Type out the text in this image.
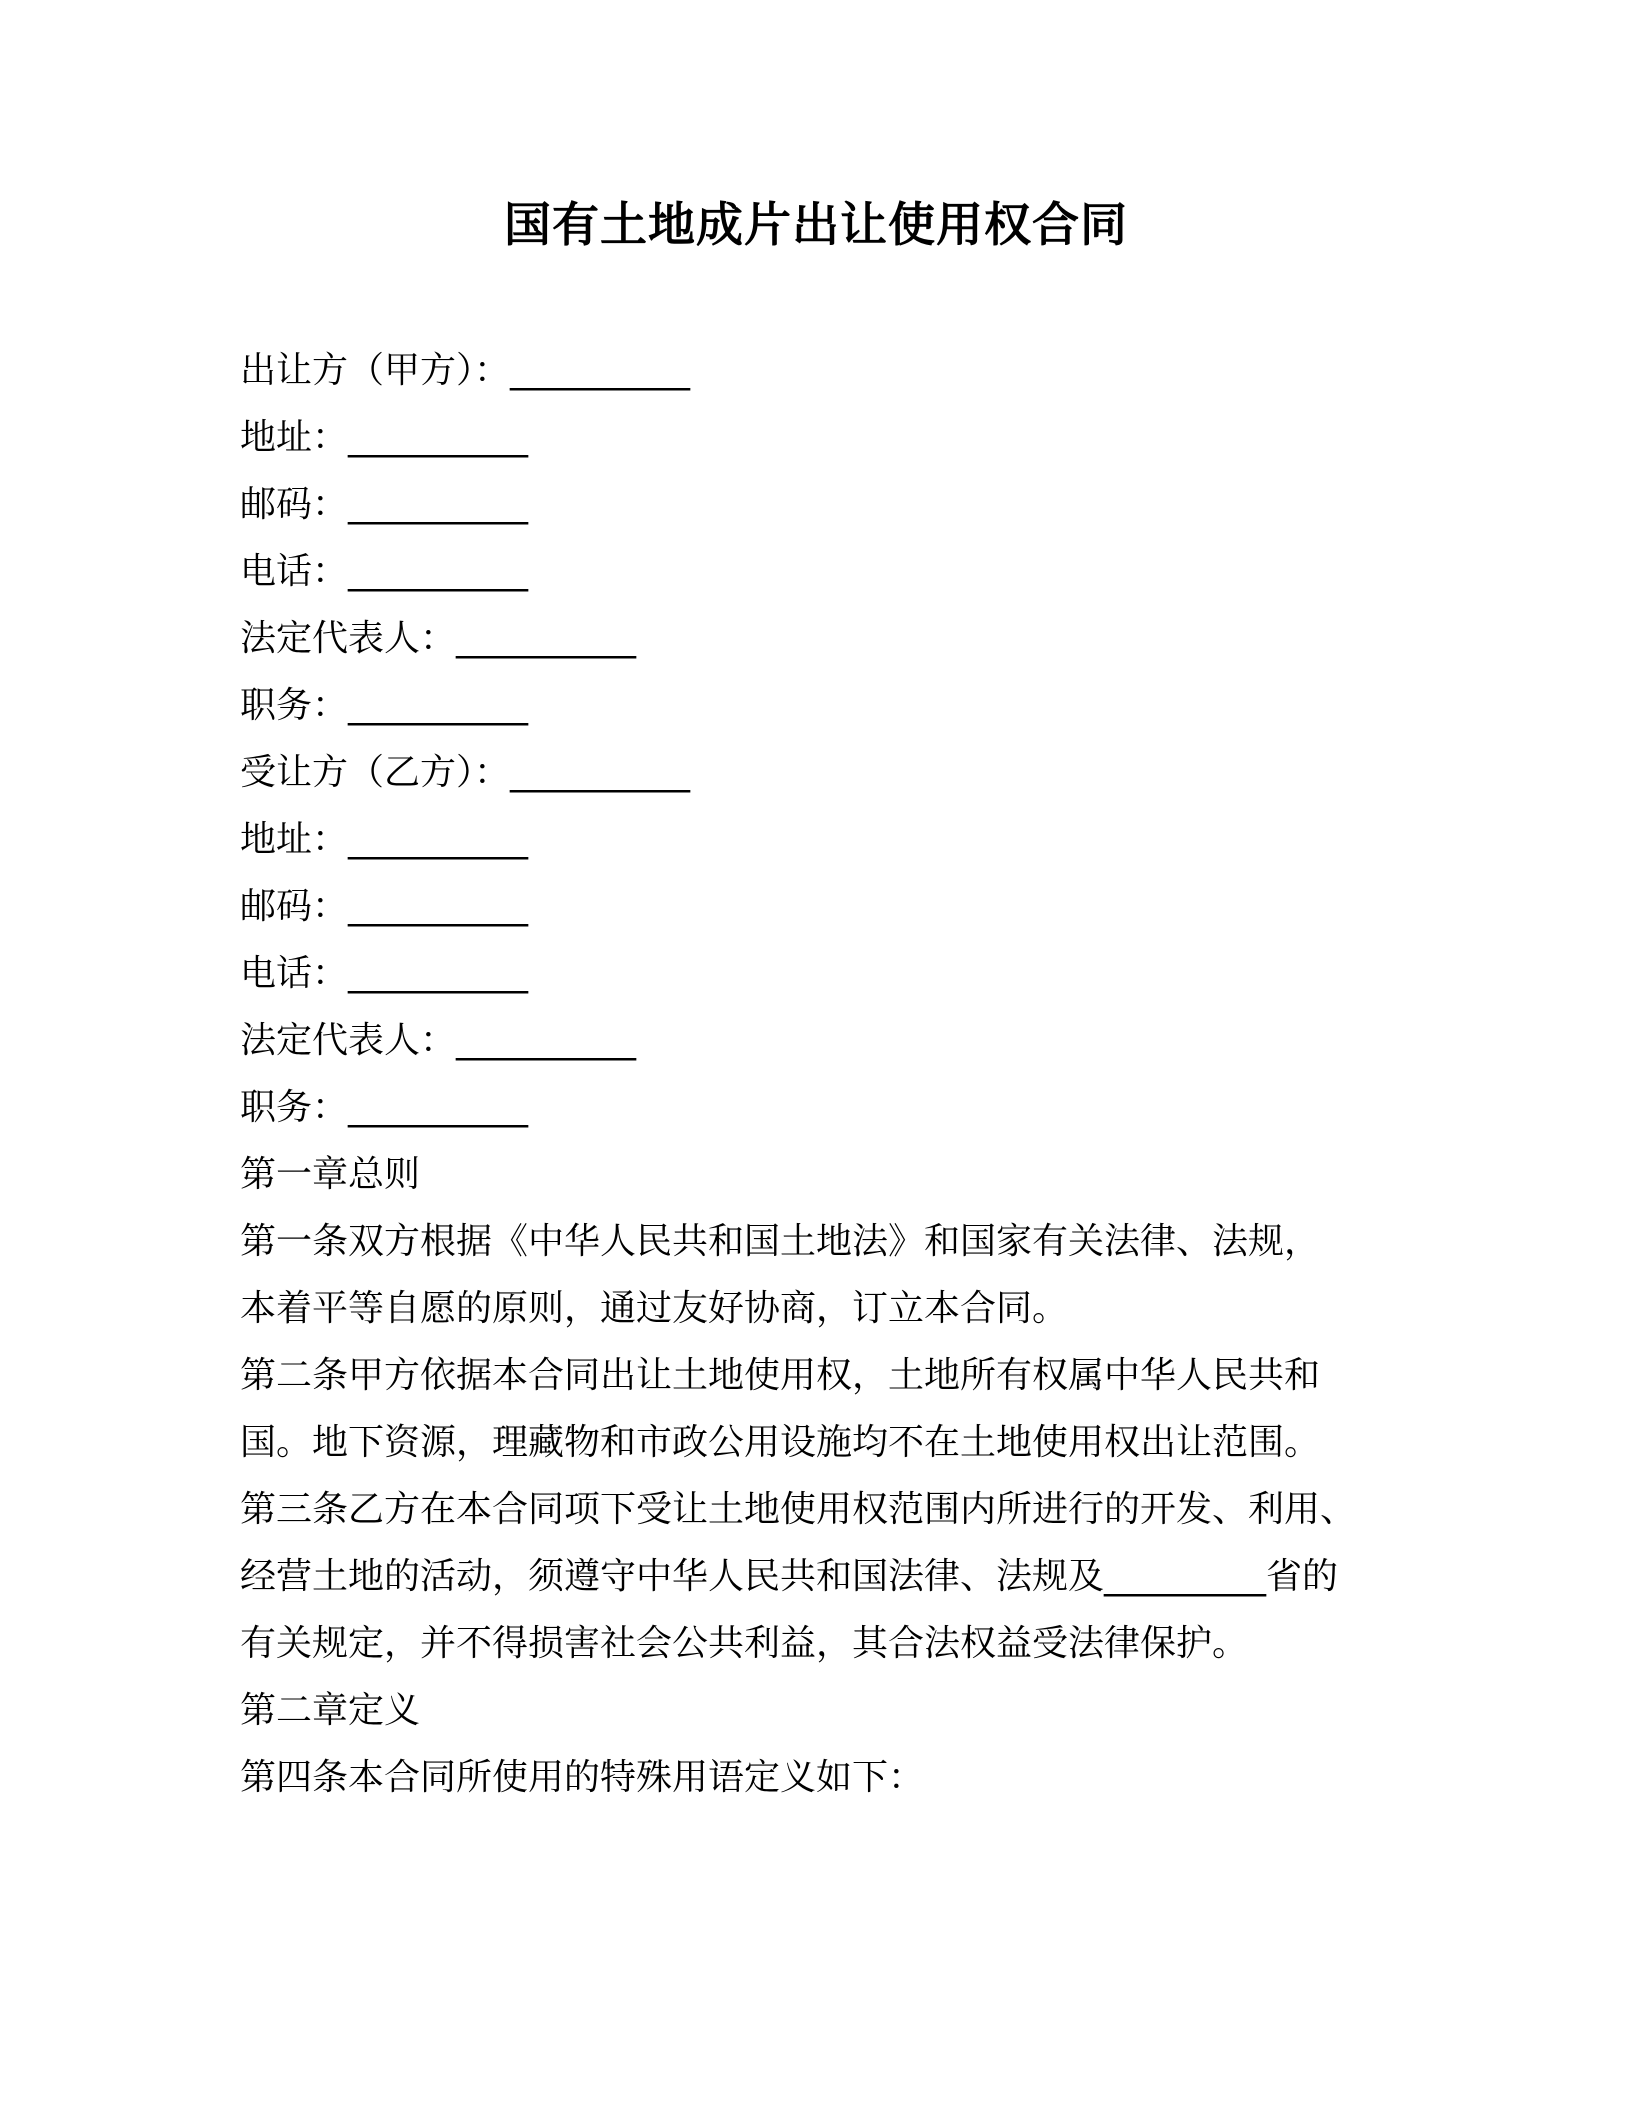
国有土地成片出让使用权合同
出让方（甲方）：__________
地址：__________
邮码：__________
电话：__________
法定代表人：__________
职务：__________
受让方（乙方）：__________
地址：__________
邮码：__________
电话：__________
法定代表人：__________
职务：__________
第一章总则
第一条双方根据《中华人民共和国土地法》和国家有关法律、法规，
本着平等自愿的原则，通过友好协商，订立本合同。
第二条甲方依据本合同出让土地使用权，土地所有权属中华人民共和
国。地下资源，理藏物和市政公用设施均不在土地使用权出让范围。
第三条乙方在本合同项下受让土地使用权范围内所进行的开发、利用、
经营土地的活动，须遵守中华人民共和国法律、法规及_________省的
有关规定，并不得损害社会公共利益，其合法权益受法律保护。
第二章定义
第四条本合同所使用的特殊用语定义如下：
